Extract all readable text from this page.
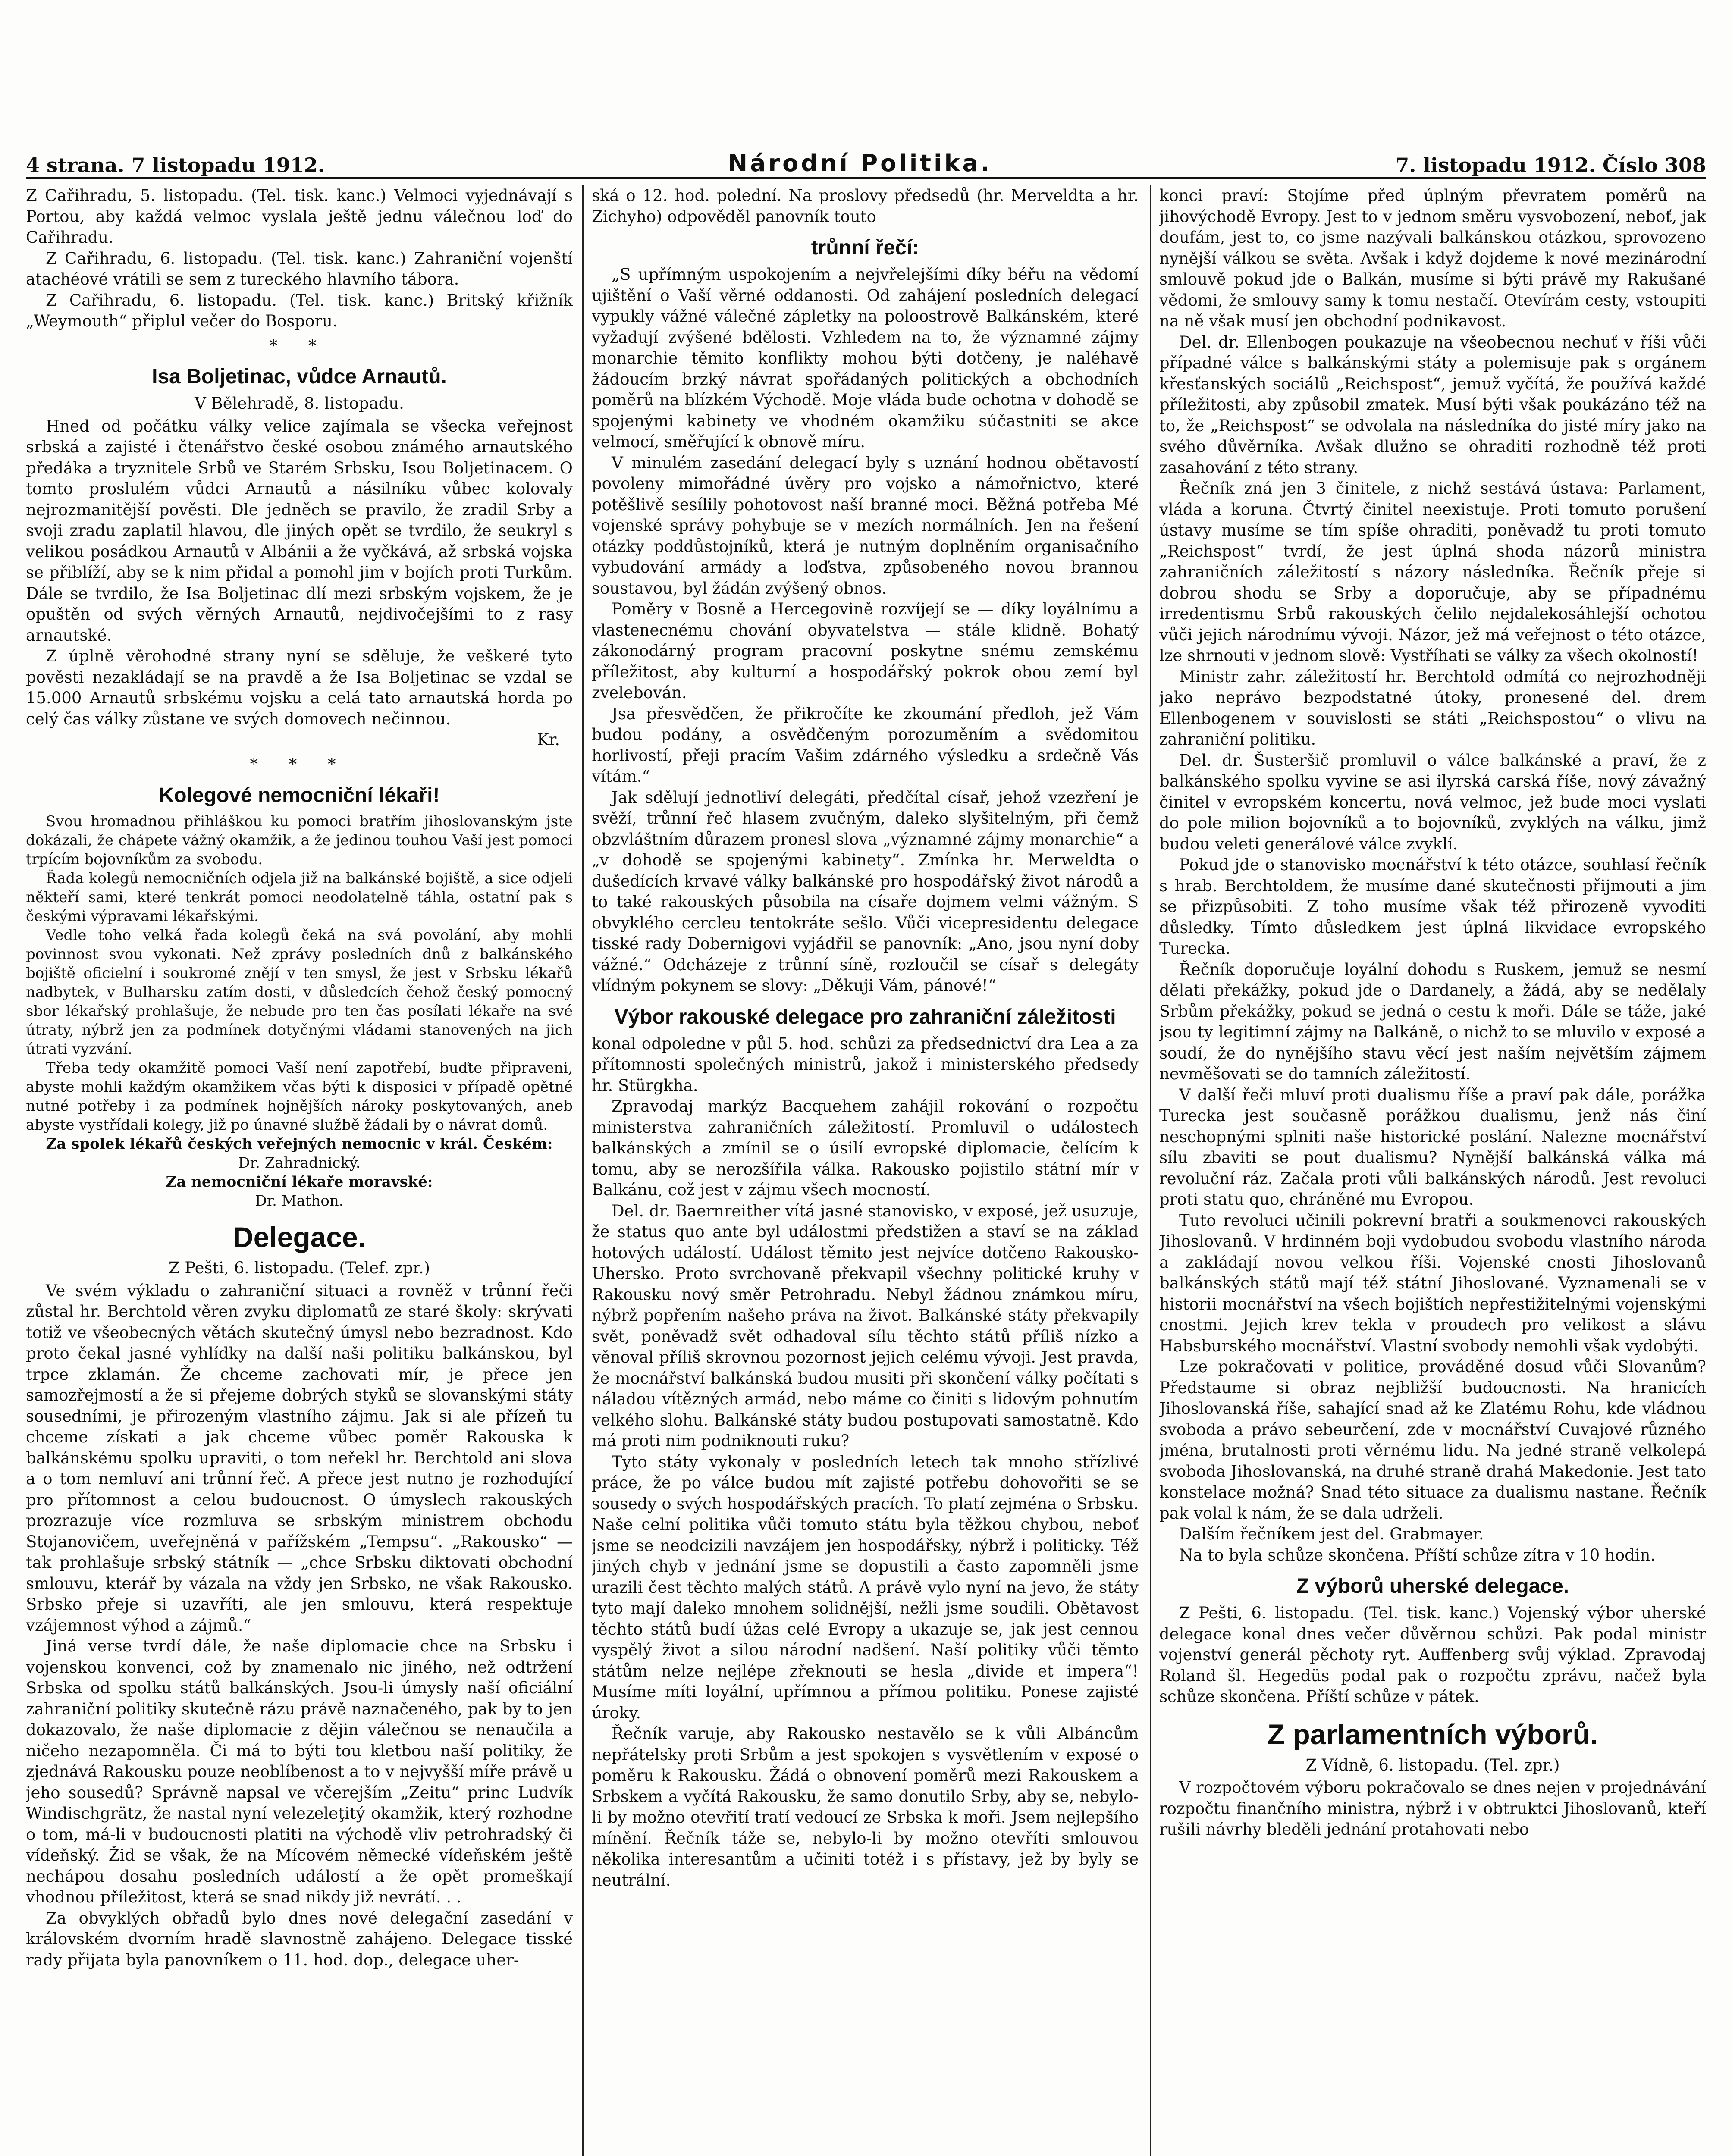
4 strana. 7 listopadu 1912.	Národní Politika.	7. listopadu 1912. Číslo 308

Z Cařihradu, 5. listopadu. (Tel. tisk. kanc.) Velmoci vyjednávají s Portou, aby každá velmoc vyslala ještě jednu válečnou loď do Cařihradu.

Z Cařihradu, 6. listopadu. (Tel. tisk. kanc.) Zahraniční vojenští atachéové vrátili se sem z tureckého hlavního tábora.

Z Cařihradu, 6. listopadu. (Tel. tisk. kanc.) Britský křižník „Weymouth“ připlul večer do Bosporu.

* *
Isa Boljetinac, vůdce Arnautů.
V Bělehradě, 8. listopadu.

Hned od počátku války velice zajímala se všecka veřejnost srbská a zajisté i čtenářstvo české osobou známého arnautského předáka a tryznitele Srbů ve Starém Srbsku, Isou Boljetinacem. O tomto proslulém vůdci Arnautů a násilníku vůbec kolovaly nejrozmanitější pověsti. Dle jedněch se pravilo, že zradil Srby a svoji zradu zaplatil hlavou, dle jiných opět se tvrdilo, že seukryl s velikou posádkou Arnautů v Albánii a že vyčkává, až srbská vojska se přiblíží, aby se k nim přidal a pomohl jim v bojích proti Turkům. Dále se tvrdilo, že Isa Boljetinac dlí mezi srbským vojskem, že je opuštěn od svých věrných Arnautů, nejdivočejšími to z rasy arnautské.

Z úplně věrohodné strany nyní se sděluje, že veškeré tyto pověsti nezakládají se na pravdě a že Isa Boljetinac se vzdal se 15.000 Arnautů srbskému vojsku a celá tato arnautská horda po celý čas války zůstane ve svých domovech nečinnou.

Kr.
* * *
Kolegové nemocniční lékaři!

Svou hromadnou přihláškou ku pomoci bratřím jihoslovanským jste dokázali, že chápete vážný okamžik, a že jedinou touhou Vaší jest pomoci trpícím bojovníkům za svobodu.

Řada kolegů nemocničních odjela již na balkánské bojiště, a sice odjeli někteří sami, které tenkrát pomoci neodolatelně táhla, ostatní pak s českými výpravami lékařskými.

Vedle toho velká řada kolegů čeká na svá povolání, aby mohli povinnost svou vykonati. Než zprávy posledních dnů z balkánského bojiště oficielní i soukromé znějí v ten smysl, že jest v Srbsku lékařů nadbytek, v Bulharsku zatím dosti, v důsledcích čehož český pomocný sbor lékařský prohlašuje, že nebude pro ten čas posílati lékaře na své útraty, nýbrž jen za podmínek dotyčnými vládami stanovených na jich útrati vyzvání.

Třeba tedy okamžitě pomoci Vaší není zapotřebí, buďte připraveni, abyste mohli každým okamžikem včas býti k disposici v případě opětné nutné potřeby i za podmínek hojnějších nároky poskytovaných, aneb abyste vystřídali kolegy, již po únavné službě žádali by o návrat domů.

Za spolek lékařů českých veřejných nemocnic v král. Českém:
Dr. Zahradnický.
Za nemocniční lékaře moravské:
Dr. Mathon.
Delegace.
Z Pešti, 6. listopadu. (Telef. zpr.)

Ve svém výkladu o zahraniční situaci a rovněž v trůnní řeči zůstal hr. Berchtold věren zvyku diplomatů ze staré školy: skrývati totiž ve všeobecných větách skutečný úmysl nebo bezradnost. Kdo proto čekal jasné vyhlídky na další naši politiku balkánskou, byl trpce zklamán. Že chceme zachovati mír, je přece jen samozřejmostí a že si přejeme dobrých styků se slovanskými státy sousedními, je přirozeným vlastního zájmu. Jak si ale přízeň tu chceme získati a jak chceme vůbec poměr Rakouska k balkánskému spolku upraviti, o tom neřekl hr. Berchtold ani slova a o tom nemluví ani trůnní řeč. A přece jest nutno je rozhodující pro přítomnost a celou budoucnost. O úmyslech rakouských prozrazuje více rozmluva se srbským ministrem obchodu Stojanovičem, uveřejněná v pařížském „Tempsu“. „Rakousko“ — tak prohlašuje srbský státník — „chce Srbsku diktovati obchodní smlouvu, kterář by vázala na vždy jen Srbsko, ne však Rakousko. Srbsko přeje si uzavříti, ale jen smlouvu, která respektuje vzájemnost výhod a zájmů.“

Jiná verse tvrdí dále, že naše diplomacie chce na Srbsku i vojenskou konvenci, což by znamenalo nic jiného, než odtržení Srbska od spolku států balkánských. Jsou-li úmysly naší oficiální zahraniční politiky skutečně rázu právě naznačeného, pak by to jen dokazovalo, že naše diplomacie z dějin válečnou se nenaučila a ničeho nezapomněla. Či má to býti tou kletbou naší politiky, že zjednává Rakousku pouze neoblíbenost a to v nejvyšší míře právě u jeho sousedů? Správně napsal ve včerejším „Zeitu“ princ Ludvík Windischgrätz, že nastal nyní velezeleţitý okamžik, který rozhodne o tom, má-li v budoucnosti platiti na východě vliv petrohradský či vídeňský. Žid se však, že na Mícovém německé vídeňském ještě nechápou dosahu posledních událostí a že opět promeškají vhodnou příležitost, která se snad nikdy již nevrátí. . .

Za obvyklých obřadů bylo dnes nové delegační zasedání v královském dvorním hradě slavnostně zahájeno. Delegace tisské rady přijata byla panovníkem o 11. hod. dop., delegace uher-

ská o 12. hod. polední. Na proslovy předsedů (hr. Merveldta a hr. Zichyho) odpověděl panovník touto

trůnní řečí:

„S upřímným uspokojením a nejvřelejšími díky béřu na vědomí ujištění o Vaší věrné oddanosti. Od zahájení posledních delegací vypukly vážné válečné zápletky na poloostrově Balkánském, které vyžadují zvýšené bdělosti. Vzhledem na to, že významné zájmy monarchie těmito konflikty mohou býti dotčeny, je naléhavě žádoucím brzký návrat spořádaných politických a obchodních poměrů na blízkém Východě. Moje vláda bude ochotna v dohodě se spojenými kabinety ve vhodném okamžiku súčastniti se akce velmocí, směřující k obnově míru.

V minulém zasedání delegací byly s uznání hodnou obětavostí povoleny mimořádné úvěry pro vojsko a námořnictvo, které potěšlivě sesílily pohotovost naší branné moci. Běžná potřeba Mé vojenské správy pohybuje se v mezích normálních. Jen na řešení otázky poddůstojníků, která je nutným doplněním organisačního vybudování armády a loďstva, způsobeného novou brannou soustavou, byl žádán zvýšený obnos.

Poměry v Bosně a Hercegovině rozvíjejí se — díky loyálnímu a vlastenecnému chování obyvatelstva — stále klidně. Bohatý zákonodárný program pracovní poskytne snému zemskému příležitost, aby kulturní a hospodářský pokrok obou zemí byl zvelebován.

Jsa přesvědčen, že přikročíte ke zkoumání předloh, jež Vám budou podány, a osvědčeným porozuměním a svědomitou horlivostí, přeji pracím Vašim zdárného výsledku a srdečně Vás vítám.“

Jak sdělují jednotliví delegáti, předčítal císař, jehož vzezření je svěží, trůnní řeč hlasem zvučným, daleko slyšitelným, při čemž obzvláštním důrazem pronesl slova „významné zájmy monarchie“ a „v dohodě se spojenými kabinety“. Zmínka hr. Merweldta o dušedících krvavé války balkánské pro hospodářský život národů a to také rakouských působila na císaře dojmem velmi vážným. S obvyklého cercleu tentokráte sešlo. Vůči vicepresidentu delegace tisské rady Dobernigovi vyjádřil se panovník: „Ano, jsou nyní doby vážné.“ Odcházeje z trůnní síně, rozloučil se císař s delegáty vlídným pokynem se slovy: „Děkuji Vám, pánové!“

Výbor rakouské delegace pro zahraniční záležitosti

konal odpoledne v půl 5. hod. schůzi za předsednictví dra Lea a za přítomnosti společných ministrů, jakož i ministerského předsedy hr. Stürgkha.

Zpravodaj markýz Bacquehem zahájil rokování o rozpočtu ministerstva zahraničních záležitostí. Promluvil o událostech balkánských a zmínil se o úsilí evropské diplomacie, čelícím k tomu, aby se nerozšířila válka. Rakousko pojistilo státní mír v Balkánu, což jest v zájmu všech mocností.

Del. dr. Baernreither vítá jasné stanovisko, v exposé, jež usuzuje, že status quo ante byl událostmi předstižen a staví se na základ hotových událostí. Událost těmito jest nejvíce dotčeno Rakousko-Uhersko. Proto svrchovaně překvapil všechny politické kruhy v Rakousku nový směr Petrohradu. Nebyl žádnou známkou míru, nýbrž popřením našeho práva na život. Balkánské státy překvapily svět, poněvadž svět odhadoval sílu těchto států příliš nízko a věnoval příliš skrovnou pozornost jejich celému vývoji. Jest pravda, že mocnářství balkánská budou musiti při skončení války počítati s náladou vítězných armád, nebo máme co činiti s lidovým pohnutím velkého slohu. Balkánské státy budou postupovati samostatně. Kdo má proti nim podniknouti ruku?

Tyto státy vykonaly v posledních letech tak mnoho střízlivé práce, že po válce budou mít zajisté potřebu dohovořiti se se sousedy o svých hospodářských pracích. To platí zejména o Srbsku. Naše celní politika vůči tomuto státu byla těžkou chybou, neboť jsme se neodcizili navzájem jen hospodářsky, nýbrž i politicky. Též jiných chyb v jednání jsme se dopustili a často zapomněli jsme urazili čest těchto malých států. A právě vylo nyní na jevo, že státy tyto mají daleko mnohem solidnější, nežli jsme soudili. Obětavost těchto států budí úžas celé Evropy a ukazuje se, jak jest cennou vyspělý život a silou národní nadšení. Naší politiky vůči těmto státům nelze nejlépe zřeknouti se hesla „divide et impera“! Musíme míti loyální, upřímnou a přímou politiku. Ponese zajisté úroky.

Řečník varuje, aby Rakousko nestavělo se k vůli Albáncům nepřátelsky proti Srbům a jest spokojen s vysvětlením v exposé o poměru k Rakousku. Žádá o obnovení poměrů mezi Rakouskem a Srbskem a vyčítá Rakousku, že samo donutilo Srby, aby se, nebylo-li by možno otevřití tratí vedoucí ze Srbska k moři. Jsem nejlepšího mínění. Řečník táže se, nebylo-li by možno otevříti smlouvou několika interesantům a učiniti totéž i s přístavy, jež by byly se neutrální.

konci praví: Stojíme před úplným převratem poměrů na jihovýchodě Evropy. Jest to v jednom směru vysvobození, neboť, jak doufám, jest to, co jsme nazývali balkánskou otázkou, sprovozeno nynější válkou se světa. Avšak i když dojdeme k nové mezinárodní smlouvě pokud jde o Balkán, musíme si býti právě my Rakušané vědomi, že smlouvy samy k tomu nestačí. Otevírám cesty, vstoupiti na ně však musí jen obchodní podnikavost.

Del. dr. Ellenbogen poukazuje na všeobecnou nechuť v říši vůči případné válce s balkánskými státy a polemisuje pak s orgánem křesťanských sociálů „Reichspost“, jemuž vyčítá, že používá každé příležitosti, aby způsobil zmatek. Musí býti však poukázáno též na to, že „Reichspost“ se odvolala na následníka do jisté míry jako na svého důvěrníka. Avšak dlužno se ohraditi rozhodně též proti zasahování z této strany.

Řečník zná jen 3 činitele, z nichž sestává ústava: Parlament, vláda a koruna. Čtvrtý činitel neexistuje. Proti tomuto porušení ústavy musíme se tím spíše ohraditi, poněvadž tu proti tomuto „Reichspost“ tvrdí, že jest úplná shoda názorů ministra zahraničních záležitostí s názory následníka. Řečník přeje si dobrou shodu se Srby a doporučuje, aby se případnému irredentismu Srbů rakouských čelilo nejdalekosáhlejší ochotou vůči jejich národnímu vývoji. Názor, jež má veřejnost o této otázce, lze shrnouti v jednom slově: Vystříhati se války za všech okolností!

Ministr zahr. záležitostí hr. Berchtold odmítá co nejrozhodněji jako neprávo bezpodstatné útoky, pronesené del. drem Ellenbogenem v souvislosti se státi „Reichspostou“ o vlivu na zahraniční politiku.

Del. dr. Šusteršič promluvil o válce balkánské a praví, že z balkánského spolku vyvine se asi ilyrská carská říše, nový závažný činitel v evropském koncertu, nová velmoc, jež bude moci vyslati do pole milion bojovníků a to bojovníků, zvyklých na válku, jimž budou veleti generálové válce zvyklí.

Pokud jde o stanovisko mocnářství k této otázce, souhlasí řečník s hrab. Berchtoldem, že musíme dané skutečnosti přijmouti a jim se přizpůsobiti. Z toho musíme však též přirozeně vyvoditi důsledky. Tímto důsledkem jest úplná likvidace evropského Turecka.

Řečník doporučuje loyální dohodu s Ruskem, jemuž se nesmí dělati překážky, pokud jde o Dardanely, a žádá, aby se nedělaly Srbům překážky, pokud se jedná o cestu k moři. Dále se táže, jaké jsou ty legitimní zájmy na Balkáně, o nichž to se mluvilo v exposé a soudí, že do nynějšího stavu věcí jest naším největším zájmem nevměšovati se do tamních záležitostí.

V další řeči mluví proti dualismu říše a praví pak dále, porážka Turecka jest současně porážkou dualismu, jenž nás činí neschopnými splniti naše historické poslání. Nalezne mocnářství sílu zbaviti se pout dualismu? Nynější balkánská válka má revoluční ráz. Začala proti vůli balkánských národů. Jest revoluci proti statu quo, chráněné mu Evropou.

Tuto revoluci učinili pokrevní bratři a soukmenovci rakouských Jihoslovanů. V hrdinném boji vydobudou svobodu vlastního národa a zakládají novou velkou říši. Vojenské cnosti Jihoslovanů balkánských států mají též státní Jihoslované. Vyznamenali se v historii mocnářství na všech bojištích nepřestižitelnými vojenskými cnostmi. Jejich krev tekla v proudech pro velikost a slávu Habsburského mocnářství. Vlastní svobody nemohli však vydobýti.

Lze pokračovati v politice, prováděné dosud vůči Slovanům? Předstaume si obraz nejbližší budoucnosti. Na hranicích Jihoslovanská říše, sahající snad až ke Zlatému Rohu, kde vládnou svoboda a právo sebeurčení, zde v mocnářství Cuvajové různého jména, brutalnosti proti věrnému lidu. Na jedné straně velkolepá svoboda Jihoslovanská, na druhé straně drahá Makedonie. Jest tato konstelace možná? Snad této situace za dualismu nastane. Řečník pak volal k nám, že se dala udrželi.

Dalším řečníkem jest del. Grabmayer.

Na to byla schůze skončena. Příští schůze zítra v 10 hodin.

Z výborů uherské delegace.

Z Pešti, 6. listopadu. (Tel. tisk. kanc.) Vojenský výbor uherské delegace konal dnes večer důvěrnou schůzi. Pak podal ministr vojenství generál pěchoty ryt. Auffenberg svůj výklad. Zpravodaj Roland šl. Hegedüs podal pak o rozpočtu zprávu, načež byla schůze skončena. Příští schůze v pátek.

Z parlamentních výborů.
Z Vídně, 6. listopadu. (Tel. zpr.)

V rozpočtovém výboru pokračovalo se dnes nejen v projednávání rozpočtu finančního ministra, nýbrž i v obtruktci Jihoslovanů, kteří rušili návrhy bleděli jednání protahovati nebo
